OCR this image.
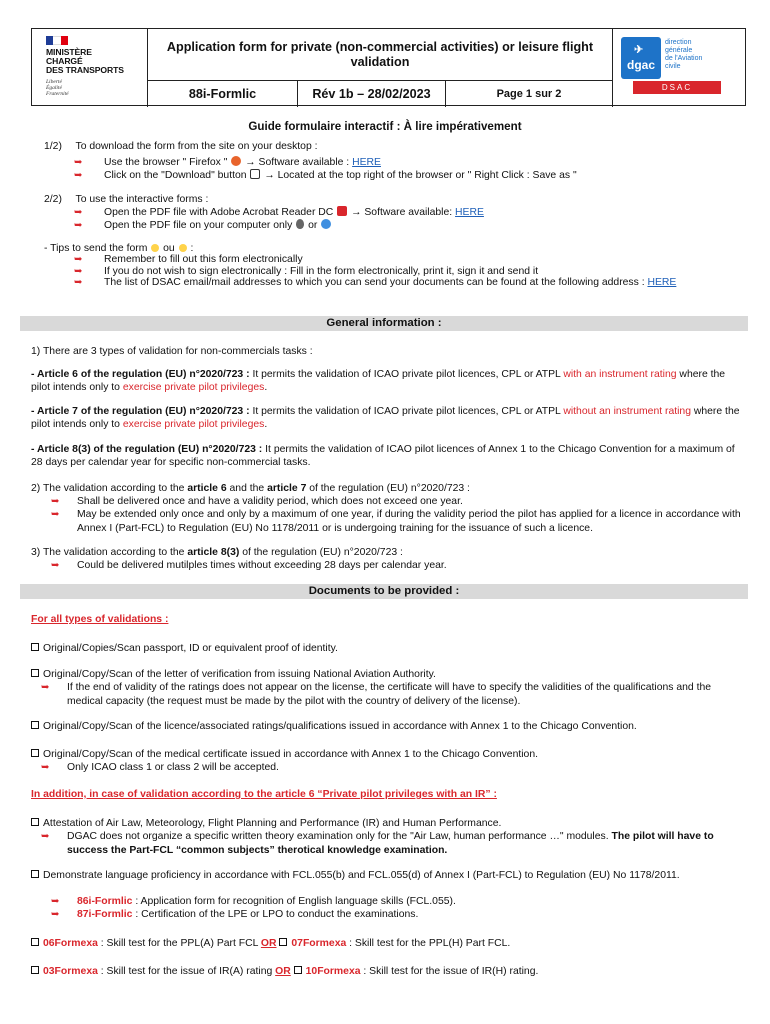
MINISTÈRE
CHARGÉ
DES TRANSPORTS
Liberté
Égalité
Fraternité
Application form for private (non-commercial activities) or leisure flight validation
88i-Formlic	Rév 1b – 28/02/2023	Page 1 sur 2
✈
dgac
direction
générale
de l'Aviation
civile
DSAC
Guide formulaire interactif : À lire impérativement
1/2) To download the form from the site on your desktop :
➥ Use the browser " Firefox " → Software available : HERE
➥ Click on the "Download" button → Located at the top right of the browser or " Right Click : Save as "
2/2) To use the interactive forms :
➥ Open the PDF file with Adobe Acrobat Reader DC → Software available: HERE
➥ Open the PDF file on your computer only or
- Tips to send the form ou :
➥ Remember to fill out this form electronically
➥ If you do not wish to sign electronically : Fill in the form electronically, print it, sign it and send it
➥ The list of DSAC email/mail addresses to which you can send your documents can be found at the following address : HERE
General information :
1) There are 3 types of validation for non-commercials tasks :
- Article 6 of the regulation (EU) n°2020/723 : It permits the validation of ICAO private pilot licences, CPL or ATPL with an instrument rating where the pilot intends only to exercise private pilot privileges.
- Article 7 of the regulation (EU) n°2020/723 : It permits the validation of ICAO private pilot licences, CPL or ATPL without an instrument rating where the pilot intends only to exercise private pilot privileges.
- Article 8(3) of the regulation (EU) n°2020/723 : It permits the validation of ICAO pilot licences of Annex 1 to the Chicago Convention for a maximum of 28 days per calendar year for specific non-commercial tasks.
2) The validation according to the article 6 and the article 7 of the regulation (EU) n°2020/723 :
➥ Shall be delivered once and have a validity period, which does not exceed one year.
➥ May be extended only once and only by a maximum of one year, if during the validity period the pilot has applied for a licence in accordance with Annex I (Part-FCL) to Regulation (EU) No 1178/2011 or is undergoing training for the issuance of such a licence.
3) The validation according to the article 8(3) of the regulation (EU) n°2020/723 :
➥ Could be delivered mutilples times without exceeding 28 days per calendar year.
Documents to be provided :
For all types of validations :
Original/Copies/Scan passport, ID or equivalent proof of identity.
Original/Copy/Scan of the letter of verification from issuing National Aviation Authority.
➥ If the end of validity of the ratings does not appear on the license, the certificate will have to specify the validities of the qualifications and the medical capacity (the request must be made by the pilot with the country of delivery of the license).
Original/Copy/Scan of the licence/associated ratings/qualifications issued in accordance with Annex 1 to the Chicago Convention.
Original/Copy/Scan of the medical certificate issued in accordance with Annex 1 to the Chicago Convention.
➥ Only ICAO class 1 or class 2 will be accepted.
In addition, in case of validation according to the article 6 “Private pilot privileges with an IR” :
Attestation of Air Law, Meteorology, Flight Planning and Performance (IR) and Human Performance.
➥ DGAC does not organize a specific written theory examination only for the "Air Law, human performance …" modules. The pilot will have to success the Part-FCL “common subjects” therotical knowledge examination.
Demonstrate language proficiency in accordance with FCL.055(b) and FCL.055(d) of Annex I (Part-FCL) to Regulation (EU) No 1178/2011.
➥ 86i-Formlic : Application form for recognition of English language skills (FCL.055).
➥ 87i-Formlic : Certification of the LPE or LPO to conduct the examinations.
06Formexa : Skill test for the PPL(A) Part FCL OR 07Formexa : Skill test for the PPL(H) Part FCL.
03Formexa : Skill test for the issue of IR(A) rating OR 10Formexa : Skill test for the issue of IR(H) rating.
